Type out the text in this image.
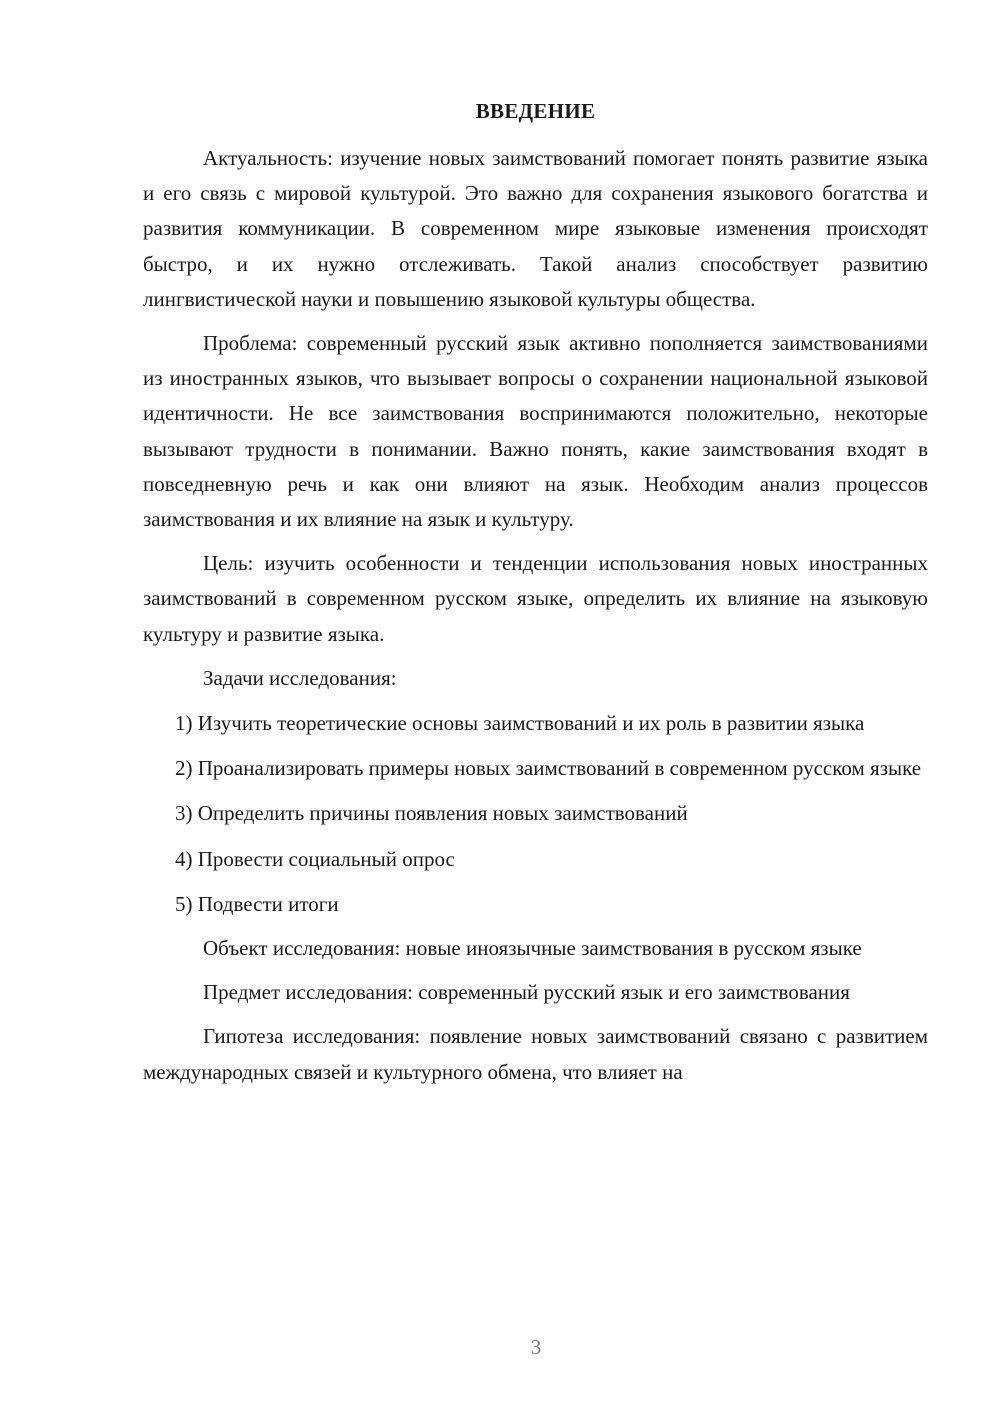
ВВЕДЕНИЕ

Актуальность: изучение новых заимствований помогает понять развитие языка и его связь с мировой культурой. Это важно для сохранения языкового богатства и развития коммуникации. В современном мире языковые изменения происходят быстро, и их нужно отслеживать. Такой анализ способствует развитию лингвистической науки и повышению языковой культуры общества.

Проблема: современный русский язык активно пополняется заимствованиями из иностранных языков, что вызывает вопросы о сохранении национальной языковой идентичности. Не все заимствования воспринимаются положительно, некоторые вызывают трудности в понимании. Важно понять, какие заимствования входят в повседневную речь и как они влияют на язык. Необходим анализ процессов заимствования и их влияние на язык и культуру.

Цель: изучить особенности и тенденции использования новых иностранных заимствований в современном русском языке, определить их влияние на языковую культуру и развитие языка.

Задачи исследования:

1) Изучить теоретические основы заимствований и их роль в развитии языка

2) Проанализировать примеры новых заимствований в современном русском языке

3) Определить причины появления новых заимствований

4) Провести социальный опрос

5) Подвести итоги

Объект исследования: новые иноязычные заимствования в русском языке

Предмет исследования: современный русский язык и его заимствования

Гипотеза исследования: появление новых заимствований связано с развитием международных связей и культурного обмена, что влияет на

3
